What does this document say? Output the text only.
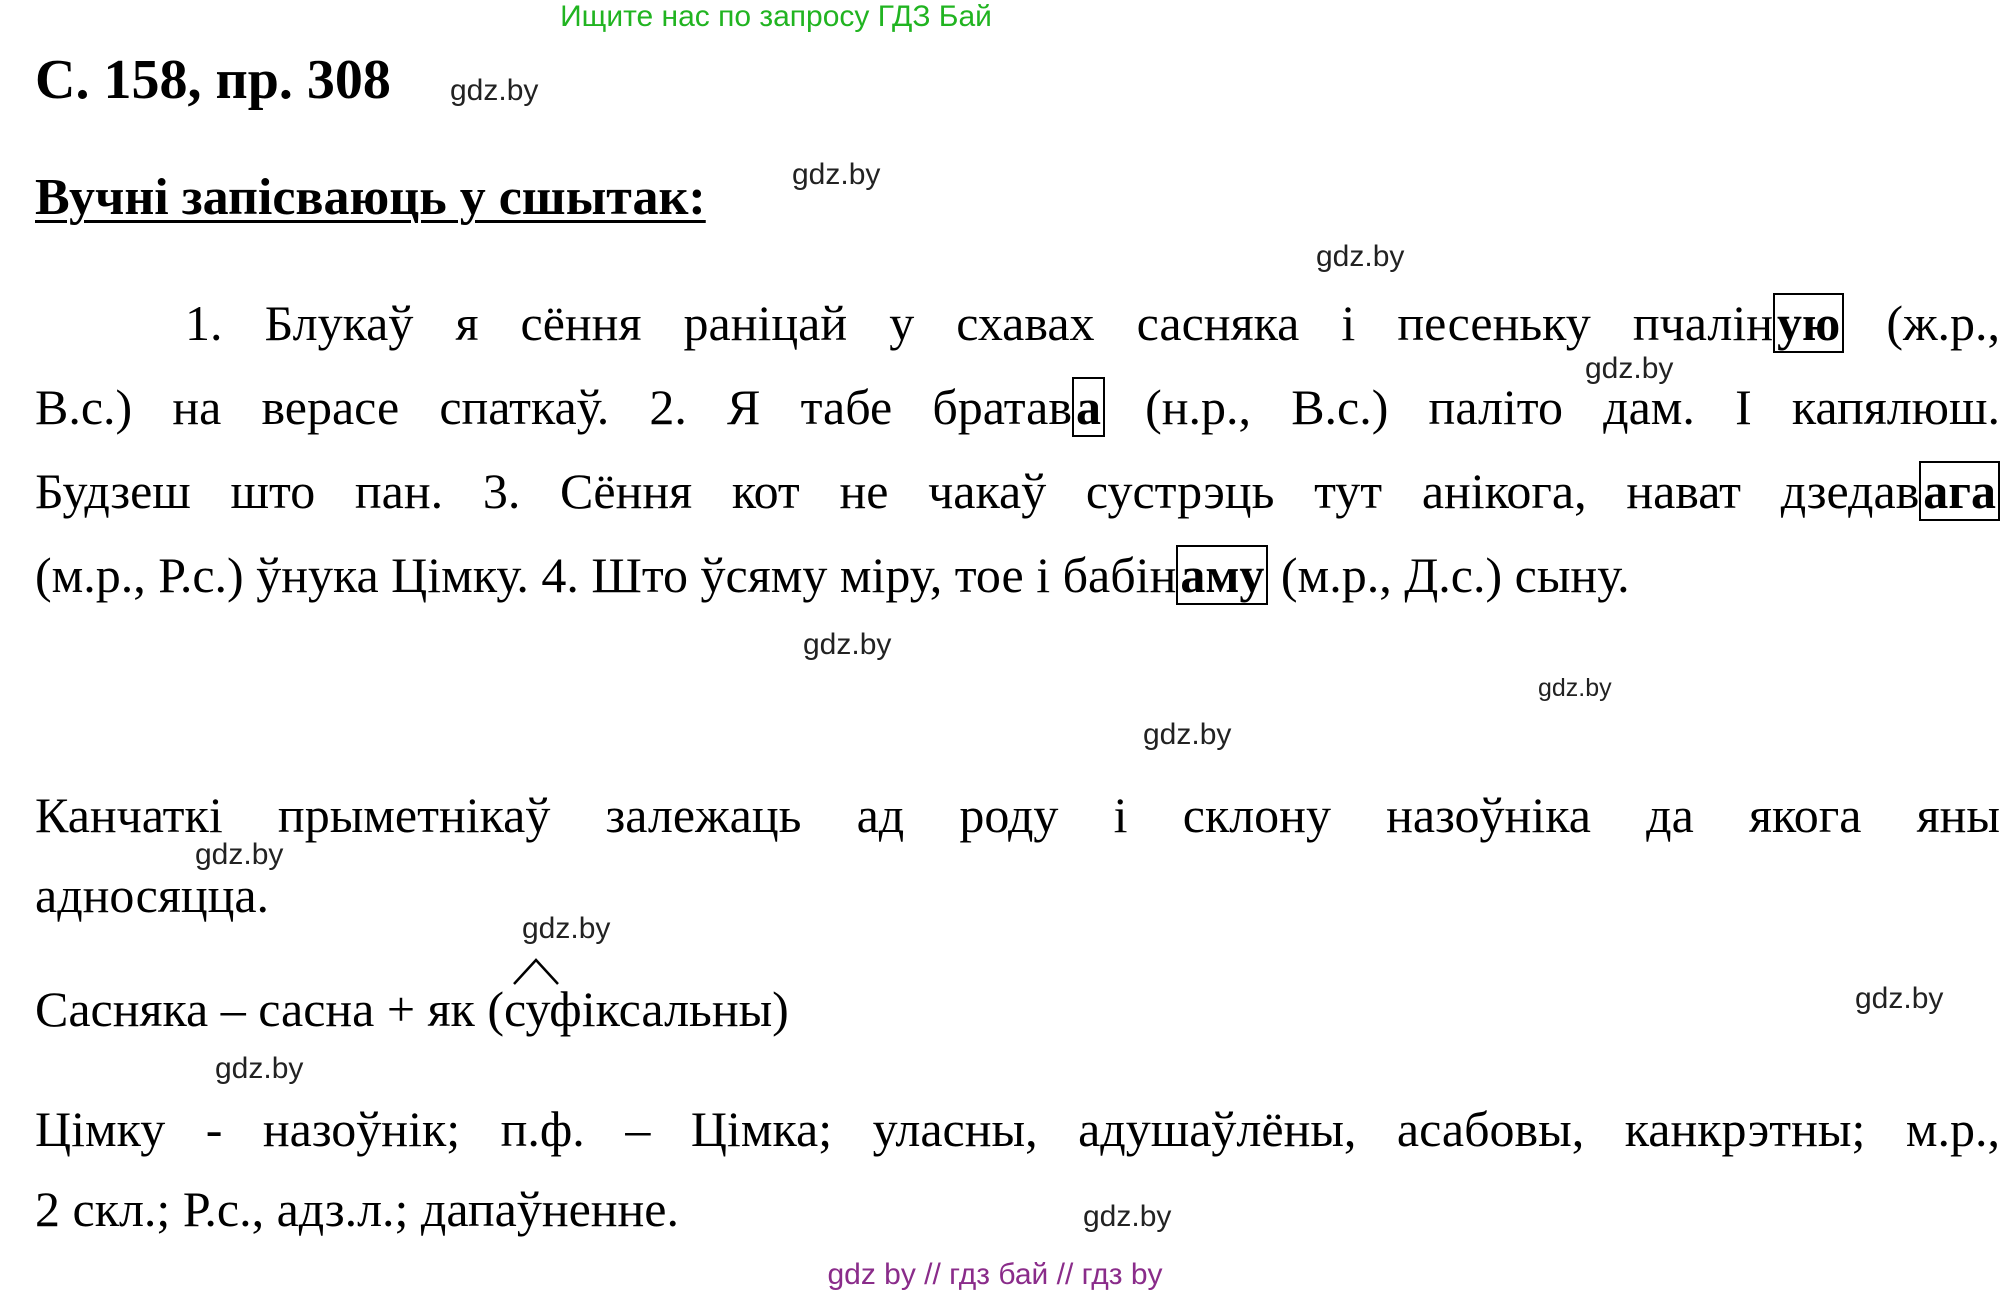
Ищите нас по запросу ГДЗ Бай
С. 158, пр. 308 gdz.by
Вучні запісваюць у сшытак:	gdz.by
gdz.by
1. Блукаў я сёння раніцай у схавах сасняка і песеньку пчаліную (ж.р.,
gdz.by
В.с.) на верасе спаткаў. 2. Я табе братава (н.р., В.с.) паліто дам. І капялюш.
Будзеш што пан. 3. Сёння кот не чакаў сустрэць тут анікога, нават дзедавага
(м.р., Р.с.) ўнука Цімку. 4. Што ўсяму міру, тое і бабінаму (м.р., Д.с.) сыну.
gdz.by
gdz.by
gdz.by
Канчаткі прыметнікаў залежаць ад роду і склону назоўніка да якога яны
gdz.by
адносяцца.
gdz.by
Сасняка – сасна + як (суфіксальны)	gdz.by
gdz.by
Цімку - назоўнік; п.ф. – Цімка; уласны, адушаўлёны, асабовы, канкрэтны; м.р.,
2 скл.; Р.с., адз.л.; дапаўненне.	gdz.by
gdz by // гдз бай // гдз by
